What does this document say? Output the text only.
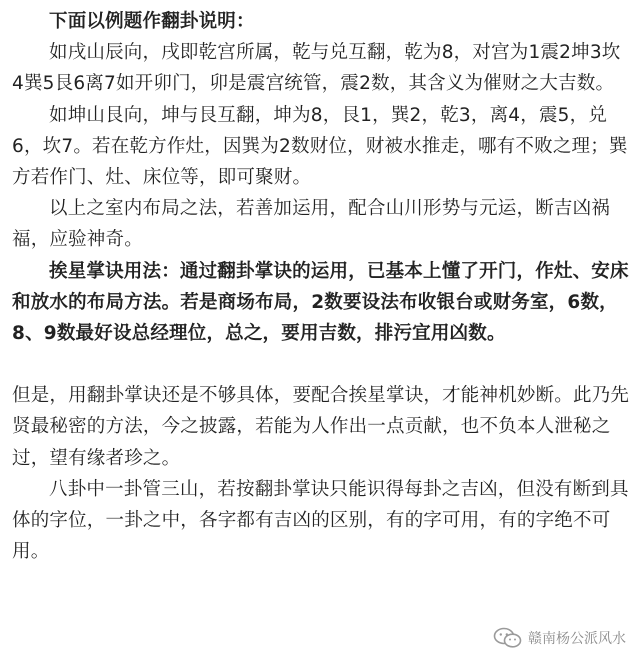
下面以例题作翻卦说明：

如戌山辰向，戌即乾宫所属，乾与兑互翻，乾为8，对宫为1震2坤3坎4巽5艮6离7如开卯门，卯是震宫统管，震2数，其含义为催财之大吉数。

如坤山艮向，坤与艮互翻，坤为8，艮1，巽2，乾3，离4，震5，兑6，坎7。若在乾方作灶，因巽为2数财位，财被水推走，哪有不败之理；巽方若作门、灶、床位等，即可聚财。

以上之室内布局之法，若善加运用，配合山川形势与元运，断吉凶祸福，应验神奇。

挨星掌诀用法：通过翻卦掌诀的运用，已基本上懂了开门，作灶、安床和放水的布局方法。若是商场布局，2数要设法布收银台或财务室，6数，8、9数最好设总经理位，总之，要用吉数，排污宜用凶数。

但是，用翻卦掌诀还是不够具体，要配合挨星掌诀，才能神机妙断。此乃先贤最秘密的方法，今之披露，若能为人作出一点贡献，也不负本人泄秘之过，望有缘者珍之。

八卦中一卦管三山，若按翻卦掌诀只能识得每卦之吉凶，但没有断到具体的字位，一卦之中，各字都有吉凶的区别，有的字可用，有的字绝不可用。

赣南杨公派风水
